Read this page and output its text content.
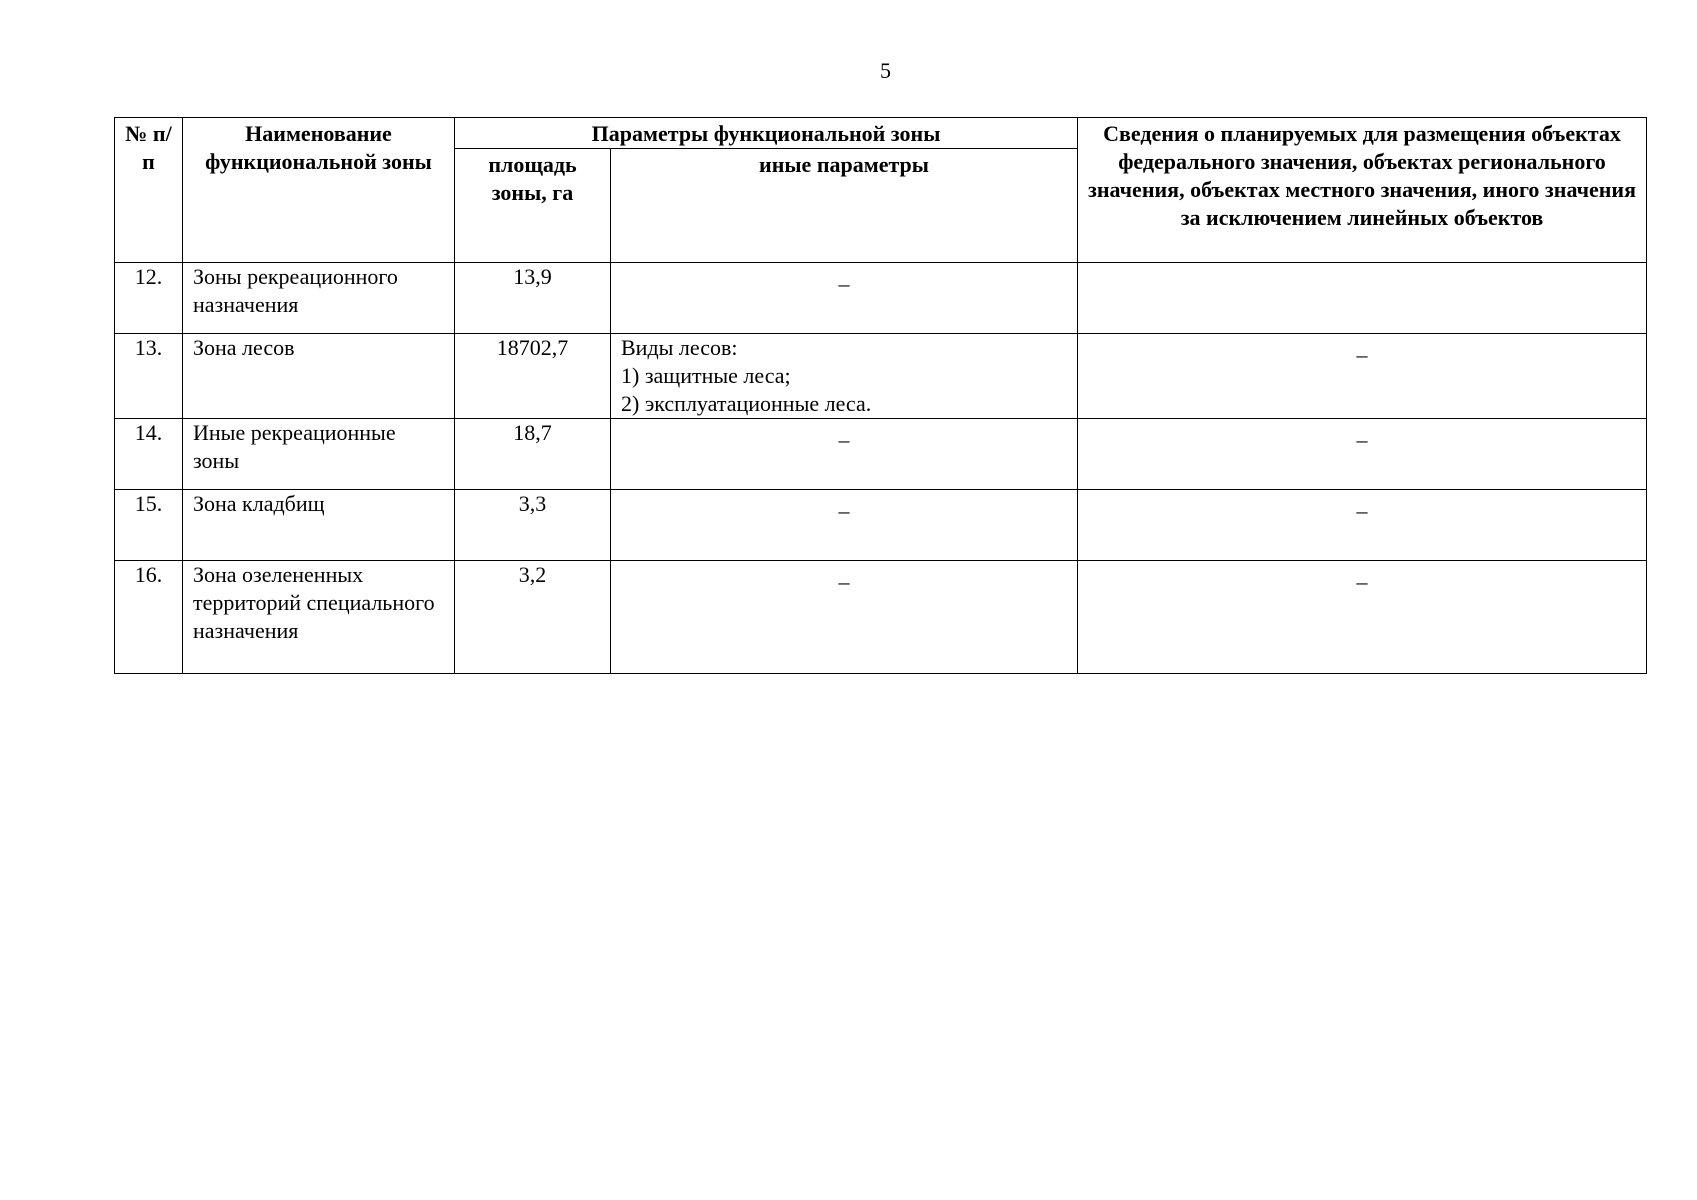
5
№ п/п	Наименование функциональной зоны	Параметры функциональной зоны		Сведения о планируемых для размещения объектах федерального значения, объектах регионального значения, объектах местного значения, иного значения за исключением линейных объектов
		площадь зоны, га	иные параметры	
12.	Зоны рекреационного назначения	13,9	–	
13.	Зона лесов	18702,7	Виды лесов:
1) защитные леса;
2) эксплуатационные леса.	–
14.	Иные рекреационные зоны	18,7	–	–
15.	Зона кладбищ	3,3	–	–
16.	Зона озелененных территорий специального назначения	3,2	–	–
